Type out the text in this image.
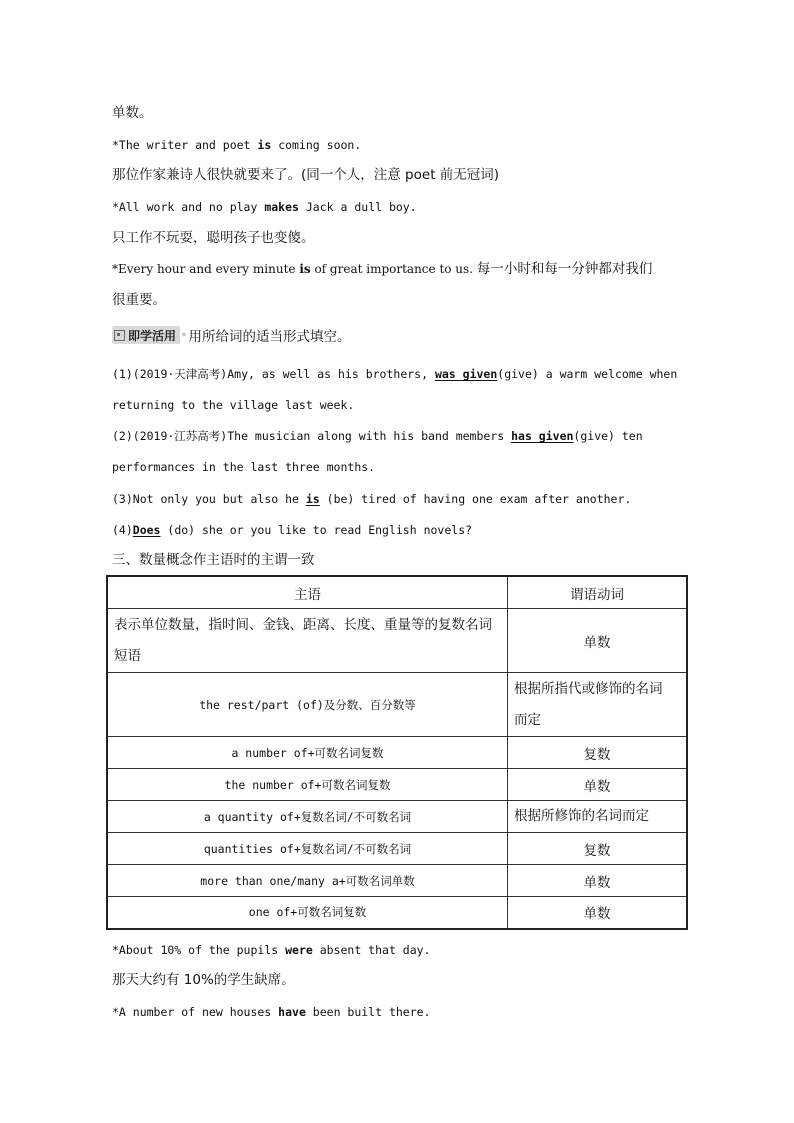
单数。
*The writer and poet is coming soon.
那位作家兼诗人很快就要来了。(同一个人，注意 poet 前无冠词)
*All work and no play makes Jack a dull boy.
只工作不玩耍，聪明孩子也变傻。
*Every hour and every minute is of great importance to us. 每一小时和每一分钟都对我们
很重要。
即学活用 » 用所给词的适当形式填空。
(1)(2019·天津高考)Amy, as well as his brothers, was given(give) a warm welcome when
returning to the village last week.
(2)(2019·江苏高考)The musician along with his band members has given(give) ten
performances in the last three months.
(3)Not only you but also he is (be) tired of having one exam after another.
(4)Does (do) she or you like to read English novels?
三、数量概念作主语时的主谓一致
主语	谓语动词

表示单位数量，指时间、金钱、距离、长度、重量等的复数名词
短语	单数
the rest/part (of)及分数、百分数等	根据所指代或修饰的名词
而定

a number of+可数名词复数	复数
the number of+可数名词复数	单数
a quantity of+复数名词/不可数名词	根据所修饰的名词而定
quantities of+复数名词/不可数名词	复数
more than one/many a+可数名词单数	单数
one of+可数名词复数	单数
*About 10% of the pupils were absent that day.
那天大约有 10%的学生缺席。
*A number of new houses have been built there.
